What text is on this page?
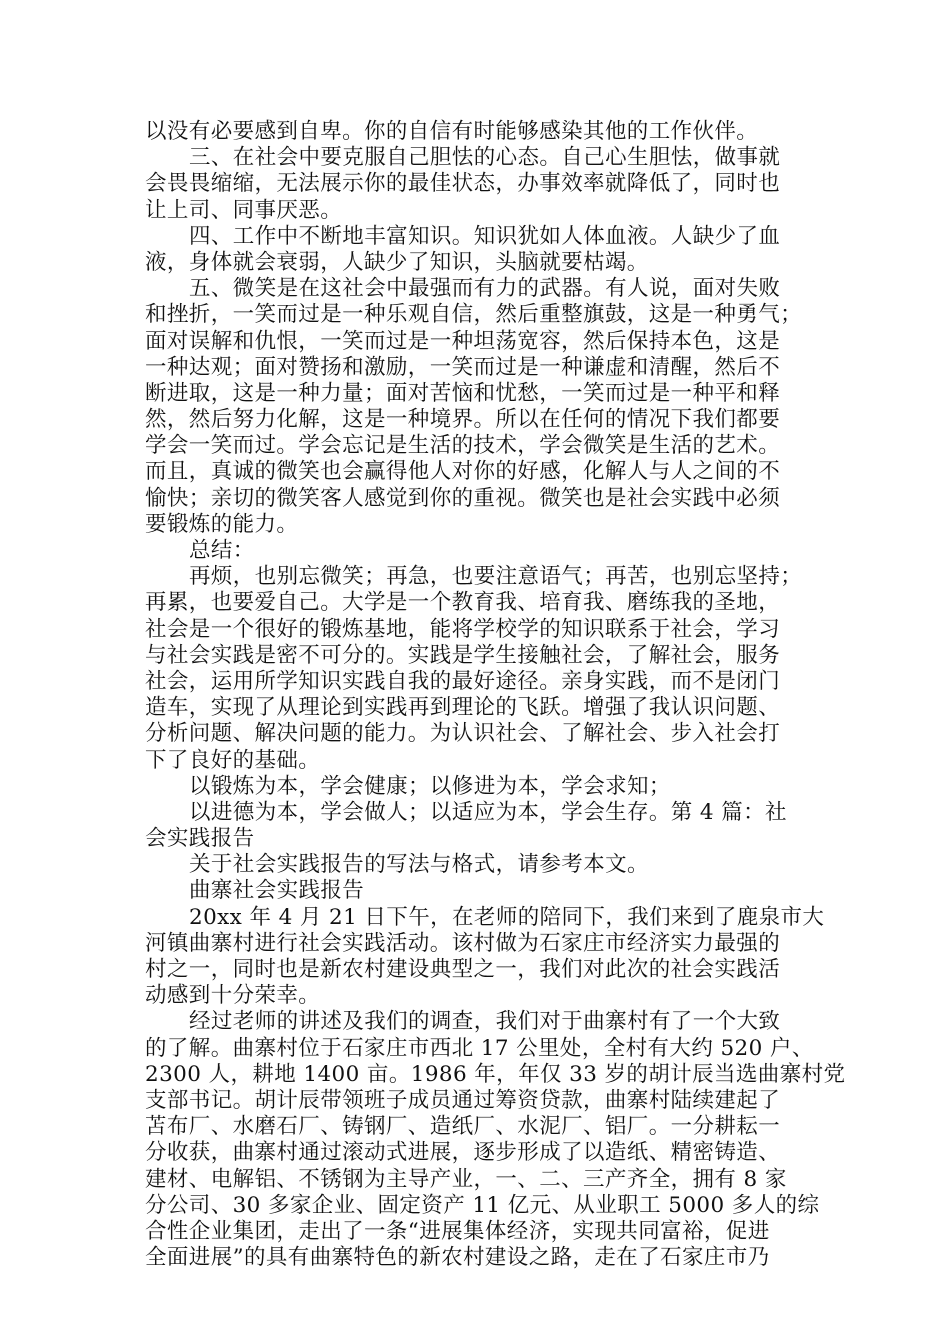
以没有必要感到自卑。你的自信有时能够感染其他的工作伙伴。
三、在社会中要克服自己胆怯的心态。自己心生胆怯，做事就
会畏畏缩缩，无法展示你的最佳状态，办事效率就降低了，同时也
让上司、同事厌恶。
四、工作中不断地丰富知识。知识犹如人体血液。人缺少了血
液，身体就会衰弱，人缺少了知识，头脑就要枯竭。
五、微笑是在这社会中最强而有力的武器。有人说，面对失败
和挫折，一笑而过是一种乐观自信，然后重整旗鼓，这是一种勇气；
面对误解和仇恨，一笑而过是一种坦荡宽容，然后保持本色，这是
一种达观；面对赞扬和激励，一笑而过是一种谦虚和清醒，然后不
断进取，这是一种力量；面对苦恼和忧愁，一笑而过是一种平和释
然，然后努力化解，这是一种境界。所以在任何的情况下我们都要
学会一笑而过。学会忘记是生活的技术，学会微笑是生活的艺术。
而且，真诚的微笑也会赢得他人对你的好感，化解人与人之间的不
愉快；亲切的微笑客人感觉到你的重视。微笑也是社会实践中必须
要锻炼的能力。
总结：
再烦，也别忘微笑；再急，也要注意语气；再苦，也别忘坚持；
再累，也要爱自己。大学是一个教育我、培育我、磨练我的圣地，
社会是一个很好的锻炼基地，能将学校学的知识联系于社会，学习
与社会实践是密不可分的。实践是学生接触社会，了解社会，服务
社会，运用所学知识实践自我的最好途径。亲身实践，而不是闭门
造车，实现了从理论到实践再到理论的飞跃。增强了我认识问题、
分析问题、解决问题的能力。为认识社会、了解社会、步入社会打
下了良好的基础。
以锻炼为本，学会健康；以修进为本，学会求知；
以进德为本，学会做人；以适应为本，学会生存。第 4 篇：社
会实践报告
关于社会实践报告的写法与格式，请参考本文。
曲寨社会实践报告
20xx 年 4 月 21 日下午，在老师的陪同下，我们来到了鹿泉市大
河镇曲寨村进行社会实践活动。该村做为石家庄市经济实力最强的
村之一，同时也是新农村建设典型之一，我们对此次的社会实践活
动感到十分荣幸。
经过老师的讲述及我们的调查，我们对于曲寨村有了一个大致
的了解。曲寨村位于石家庄市西北 17 公里处，全村有大约 520 户、
2300 人，耕地 1400 亩。1986 年，年仅 33 岁的胡计辰当选曲寨村党
支部书记。胡计辰带领班子成员通过筹资贷款，曲寨村陆续建起了
苫布厂、水磨石厂、铸钢厂、造纸厂、水泥厂、铝厂。一分耕耘一
分收获，曲寨村通过滚动式进展，逐步形成了以造纸、精密铸造、
建材、电解铝、不锈钢为主导产业，一、二、三产齐全，拥有 8 家
分公司、30 多家企业、固定资产 11 亿元、从业职工 5000 多人的综
合性企业集团，走出了一条“进展集体经济，实现共同富裕，促进
全面进展”的具有曲寨特色的新农村建设之路，走在了石家庄市乃
